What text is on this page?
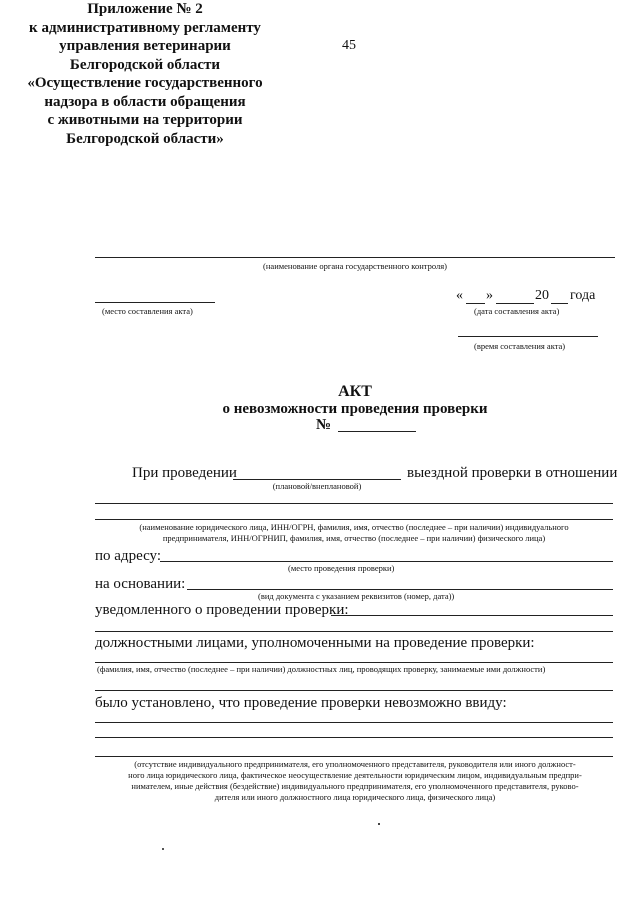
45
Приложение № 2
к административному регламенту
управления ветеринарии
Белгородской области
«Осуществление государственного
надзора в области обращения
с животными на территории
Белгородской области»
(наименование органа государственного контроля)
(место составления акта)
« »	20 года
(дата составления акта)
(время составления акта)
АКТ
о невозможности проведения проверки
№
При проведении	выездной проверки в отношении
(плановой/внеплановой)
(наименование юридического лица, ИНН/ОГРН, фамилия, имя, отчество (последнее – при наличии) индивидуального
предпринимателя, ИНН/ОГРНИП, фамилия, имя, отчество (последнее – при наличии) физического лица)
по адресу:
(место проведения проверки)
на основании:
(вид документа с указанием реквизитов (номер, дата))
уведомленного о проведении проверки:
должностными лицами, уполномоченными на проведение проверки:
(фамилия, имя, отчество (последнее – при наличии) должностных лиц, проводящих проверку, занимаемые ими должности)
было установлено, что проведение проверки невозможно ввиду:
(отсутствие индивидуального предпринимателя, его уполномоченного представителя, руководителя или иного должност-
ного лица юридического лица, фактическое неосуществление деятельности юридическим лицом, индивидуальным предпри-
нимателем, иные действия (бездействие) индивидуального предпринимателя, его уполномоченного представителя, руково-
дителя или иного должностного лица юридического лица, физического лица)
